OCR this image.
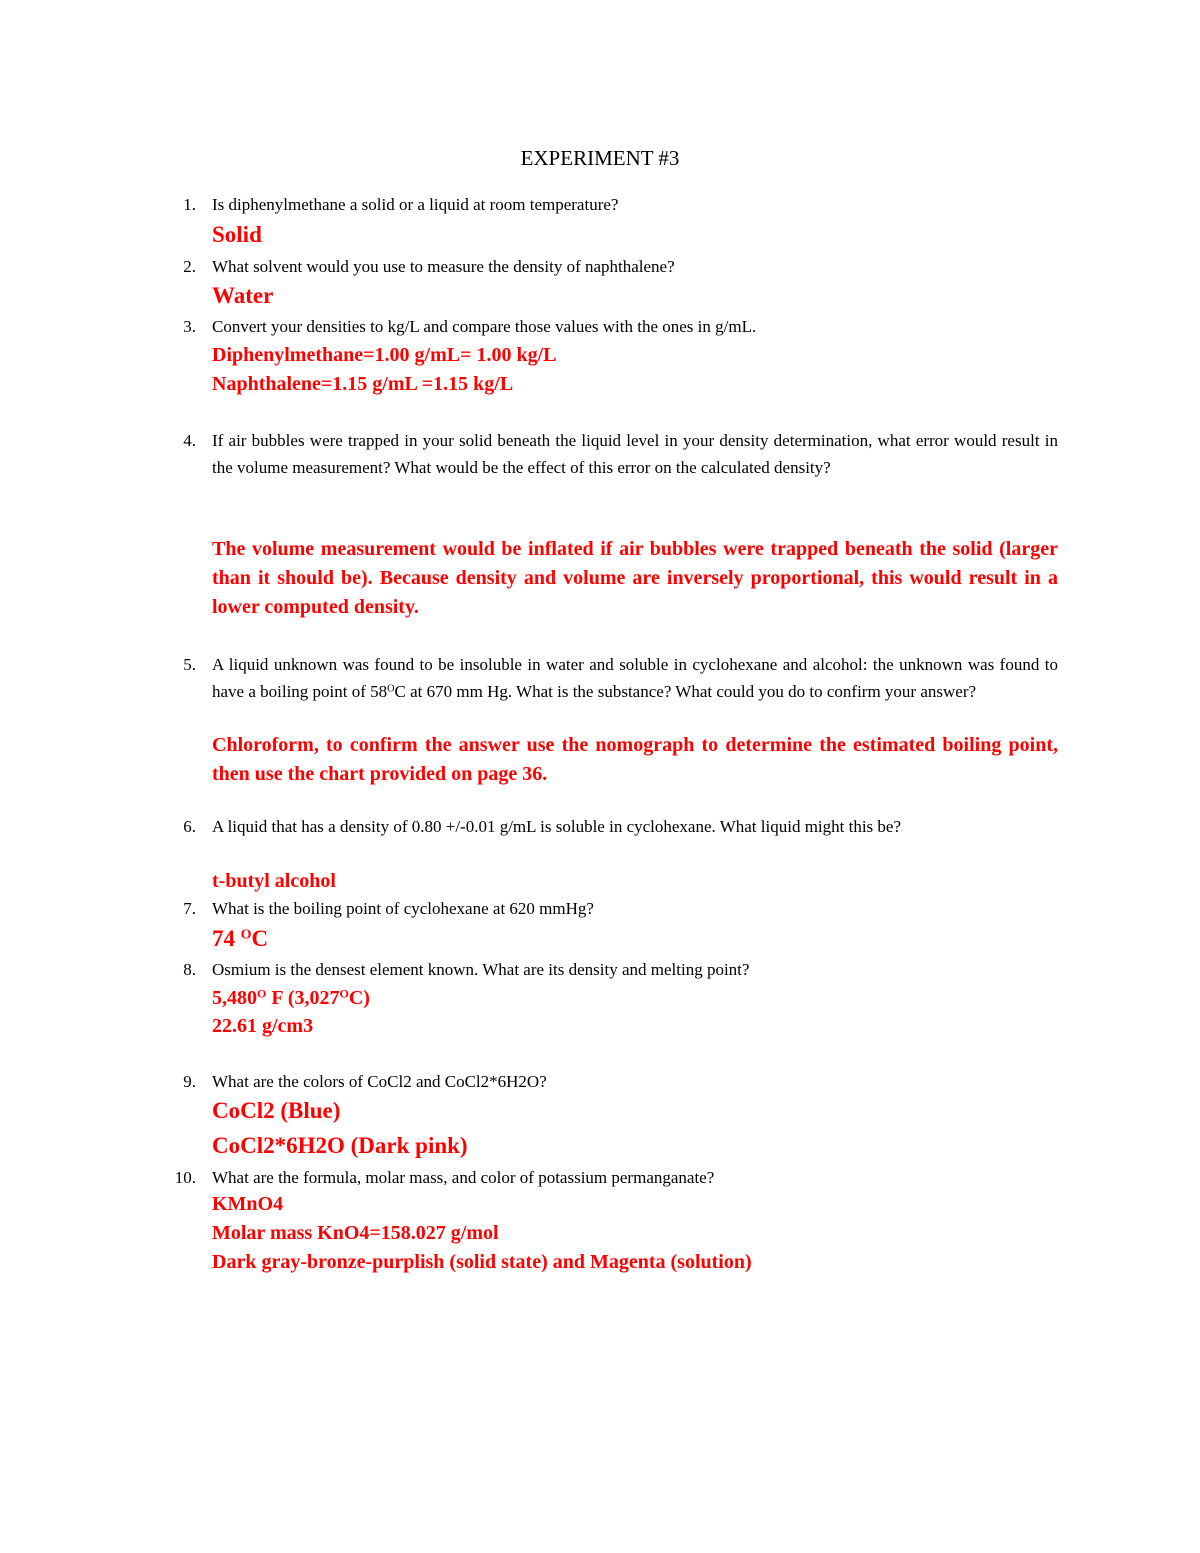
EXPERIMENT #3
1. Is diphenylmethane a solid or a liquid at room temperature?
Solid
2. What solvent would you use to measure the density of naphthalene?
Water
3. Convert your densities to kg/L and compare those values with the ones in g/mL.
Diphenylmethane=1.00 g/mL= 1.00 kg/L
Naphthalene=1.15 g/mL =1.15 kg/L
4. If air bubbles were trapped in your solid beneath the liquid level in your density determination, what error would result in the volume measurement? What would be the effect of this error on the calculated density?
The volume measurement would be inflated if air bubbles were trapped beneath the solid (larger than it should be). Because density and volume are inversely proportional, this would result in a lower computed density.
5. A liquid unknown was found to be insoluble in water and soluble in cyclohexane and alcohol: the unknown was found to have a boiling point of $58^OC$ at 670 mm Hg. What is the substance? What could you do to confirm your answer?
Chloroform, to confirm the answer use the nomograph to determine the estimated boiling point, then use the chart provided on page 36.
6. A liquid that has a density of 0.80 +/-0.01 g/mL is soluble in cyclohexane. What liquid might this be?
t-butyl alcohol
7. What is the boiling point of cyclohexane at 620 mmHg?
74 $^O$C
8. Osmium is the densest element known. What are its density and melting point?
$5,480^O$ F $(3,027^OC)$
22.61 g/cm3
9. What are the colors of CoCl2 and CoCl2*6H2O?
CoCl2 (Blue)
CoCl2*6H2O (Dark pink)
10. What are the formula, molar mass, and color of potassium permanganate?
KMnO4
Molar mass KnO4=158.027 g/mol
Dark gray-bronze-purplish (solid state) and Magenta (solution)
